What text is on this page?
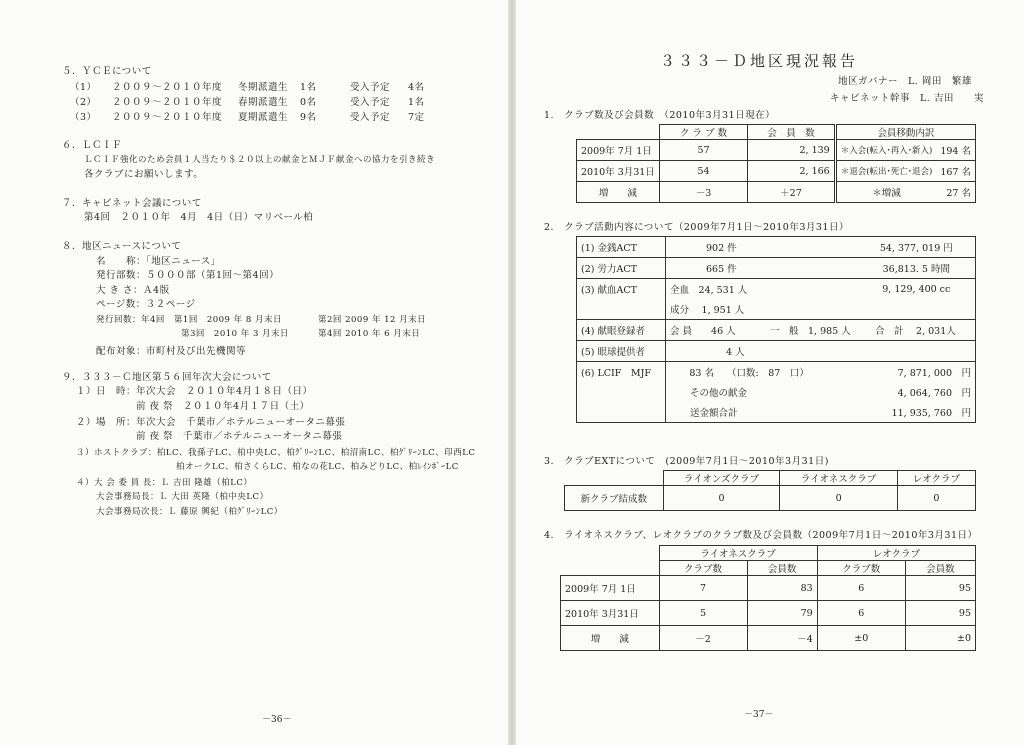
５．ＹＣＥについて
（1） ２００９～２０１０年度 冬期派遣生 1名	受入予定 4名
（2） ２００９～２０１０年度 春期派遣生 0名	受入予定 1名
（3） ２００９～２０１０年度 夏期派遣生 9名	受入予定 7定
６．ＬＣＩＦ
ＬＣＩＦ強化のため会員１人当たり＄２０以上の献金とＭＪＦ献金への協力を引き続き
各クラブにお願いします。
７．キャビネット会議について
第4回　２０１０年　4月　4日（日）マリベール柏
８．地区ニュースについて
名　　称：「地区ニュース」
発行部数：５０００部（第1回～第4回）
大 き さ：Ａ4版
ページ数：３２ページ
発行回数：年4回　第1回　2009 年 8 月末日	第2回 2009 年 12 月末日
第3回　2010 年 3 月末日	第4回 2010 年 6 月末日
配布対象：市町村及び出先機関等
９．３３３－Ｃ地区第５６回年次大会について
１）日　時：年次大会　２０１０年4月１８日（日）
前 夜 祭　２０１０年4月１７日（土）
２）場　所：年次大会　千葉市／ホテルニューオータニ幕張
前 夜 祭　千葉市／ホテルニューオータニ幕張
３）ホストクラブ：柏LC、我孫子LC、柏中央LC、柏ｸﾞﾘｰﾝLC、柏沼南LC、柏ｸﾞﾘｰﾝLC、印西LC
柏オークLC、柏さくらLC、柏なの花LC、柏みどりLC、柏ﾚｲﾝﾎﾞｰLC
４）大 会 委 員 長：Ｌ 吉田 隆雄（柏LC）
大会事務局長：Ｌ 大田 英隆（柏中央LC）
大会事務局次長：Ｌ 藤原 興紀（柏ｸﾞﾘｰﾝLC）
－36－
３３３－Ｄ地区現況報告
地区ガバナー　L. 岡田　繁雄
キャビネット幹事　L. 吉田　　実
1.　クラブ数及び会員数　（2010年3月31日現在）
	ク ラ ブ 数	会　員　数	会員移動内訳	
2009年 7月 1日	57	2, 139	＊入会(転入･再入･新入)	194 名
2010年 3月31日	54	2, 166	＊退会(転出･死亡･退会)	167 名
増　　減	－3	＋27	＊増減	27 名
2.　クラブ活動内容について（2009年7月1日～2010年3月31日）
(1) 金銭ACT	902 件	54, 377, 019 円
(2) 労力ACT	665 件	36,813. 5 時間
(3) 献血ACT	全血　24, 531 人	9, 129, 400 cc
	成分　 1, 951 人	
(4) 献眼登録者	会 員　　46 人 一　般　1, 985 人 合　計　 2, 031人	
(5) 眼球提供者	4 人	
(6) LCIF　MJF	83 名 （口数:　87　口）	7, 871, 000　円
	その他の献金	4, 064, 760　円
	送金額合計	11, 935, 760　円
3.　クラブEXTについて　(2009年7月1日～2010年3月31日)
	ライオンズクラブ	ライオネスクラブ	レオクラブ
新クラブ結成数	0	0	0
4.　ライオネスクラブ、レオクラブのクラブ数及び会員数（2009年7月1日～2010年3月31日）
	ライオネスクラブ		レオクラブ	
	クラブ数	会員数	クラブ数	会員数
2009年 7月 1日	7	83	6	95
2010年 3月31日	5	79	6	95
増　　減	－2	－4	±0	±0
－37－
